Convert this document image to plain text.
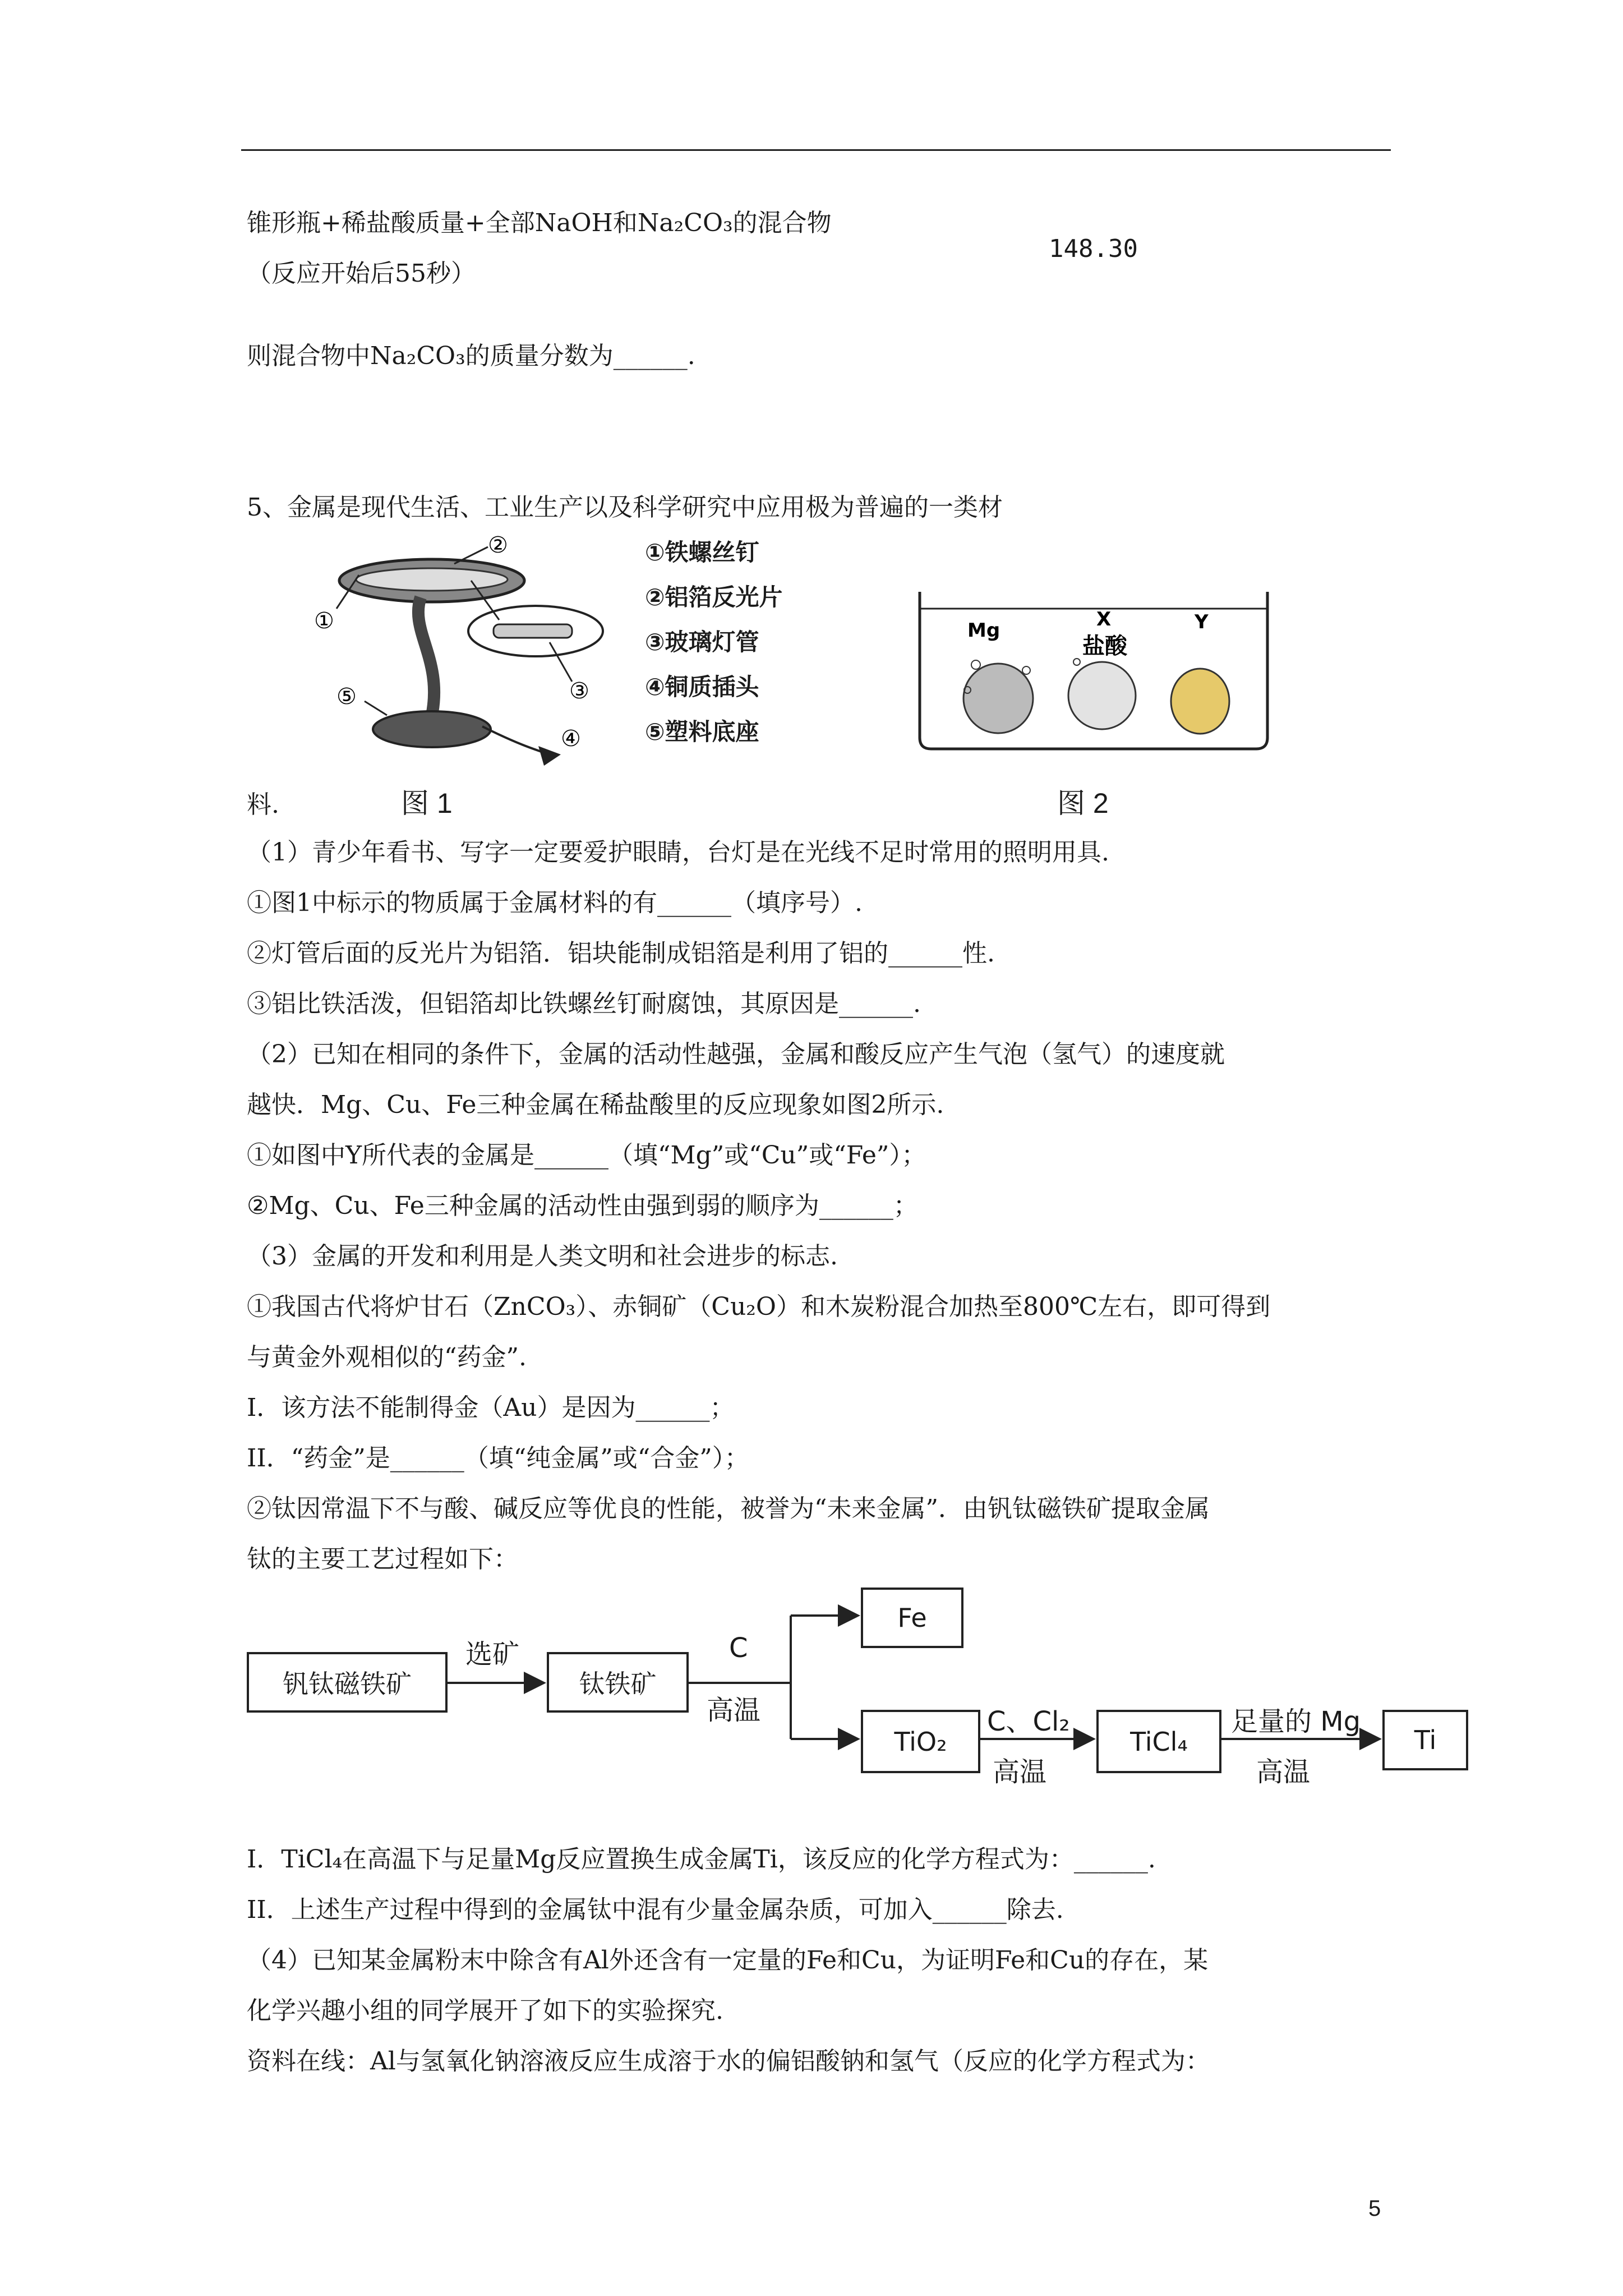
锥形瓶+稀盐酸质量+全部NaOH和Na₂CO₃的混合物
（反应开始后55秒）
148.30
则混合物中Na₂CO₃的质量分数为______.
5、金属是现代生活、工业生产以及科学研究中应用极为普遍的一类材
①
②
③
④
⑤
①铁螺丝钉
②铝箔反光片
③玻璃灯管
④铜质插头
⑤塑料底座
Mg	X
盐酸
Y
料.	图 1	图 2
（1）青少年看书、写字一定要爱护眼睛，台灯是在光线不足时常用的照明用具.
①图1中标示的物质属于金属材料的有______（填序号）.
②灯管后面的反光片为铝箔．铝块能制成铝箔是利用了铝的______性.
③铝比铁活泼，但铝箔却比铁螺丝钉耐腐蚀，其原因是______.
（2）已知在相同的条件下，金属的活动性越强，金属和酸反应产生气泡（氢气）的速度就
越快．Mg、Cu、Fe三种金属在稀盐酸里的反应现象如图2所示.
①如图中Y所代表的金属是______（填“Mg”或“Cu”或“Fe”）；
②Mg、Cu、Fe三种金属的活动性由强到弱的顺序为______；
（3）金属的开发和利用是人类文明和社会进步的标志.
①我国古代将炉甘石（ZnCO₃）、赤铜矿（Cu₂O）和木炭粉混合加热至800℃左右，即可得到
与黄金外观相似的“药金”.
I．该方法不能制得金（Au）是因为______；
II．“药金”是______（填“纯金属”或“合金”）；
②钛因常温下不与酸、碱反应等优良的性能，被誉为“未来金属”．由钒钛磁铁矿提取金属
钛的主要工艺过程如下：
钒钛磁铁矿
选矿
钛铁矿
C
高温
Fe
TiO₂
C、Cl₂
高温
TiCl₄
足量的 Mg
高温
Ti
I．TiCl₄在高温下与足量Mg反应置换生成金属Ti，该反应的化学方程式为：______.
II．上述生产过程中得到的金属钛中混有少量金属杂质，可加入______除去.
（4）已知某金属粉末中除含有Al外还含有一定量的Fe和Cu，为证明Fe和Cu的存在，某
化学兴趣小组的同学展开了如下的实验探究.
资料在线：Al与氢氧化钠溶液反应生成溶于水的偏铝酸钠和氢气（反应的化学方程式为：
5
